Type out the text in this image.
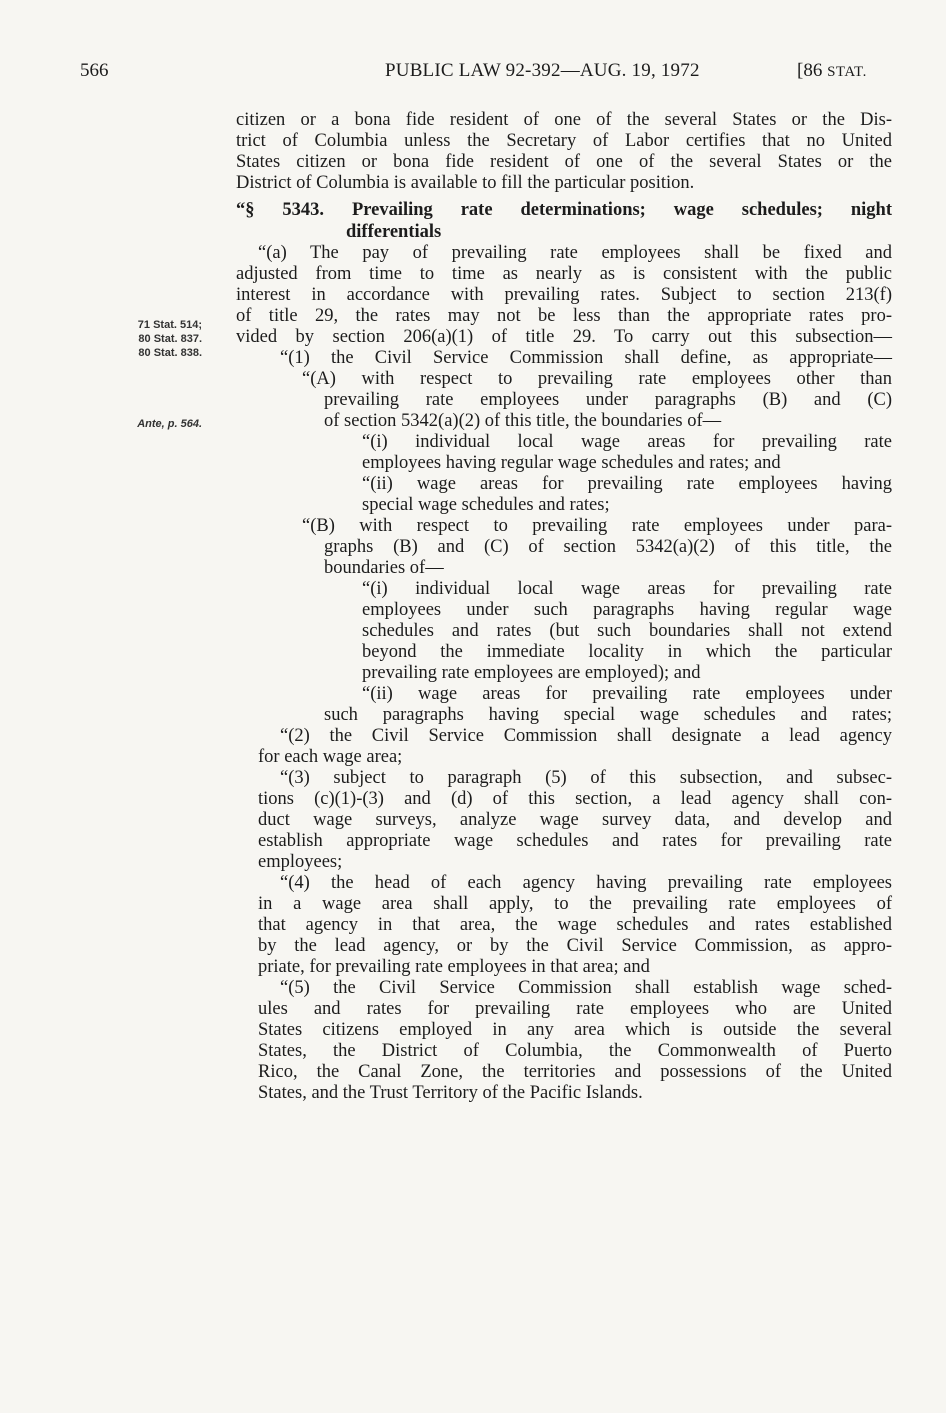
566	PUBLIC LAW 92-392—AUG. 19, 1972	[86 STAT.
71 Stat. 514;
80 Stat. 837.
80 Stat. 838.
Ante, p. 564.
citizen or a bona fide resident of one of the several States or the Dis-
trict of Columbia unless the Secretary of Labor certifies that no United
States citizen or bona fide resident of one of the several States or the
District of Columbia is available to fill the particular position.
“§ 5343. Prevailing rate determinations; wage schedules; night
differentials
“(a) The pay of prevailing rate employees shall be fixed and
adjusted from time to time as nearly as is consistent with the public
interest in accordance with prevailing rates. Subject to section 213(f)
of title 29, the rates may not be less than the appropriate rates pro-
vided by section 206(a)(1) of title 29. To carry out this subsection—
“(1) the Civil Service Commission shall define, as appropriate—
“(A) with respect to prevailing rate employees other than
prevailing rate employees under paragraphs (B) and (C)
of section 5342(a)(2) of this title, the boundaries of—
“(i) individual local wage areas for prevailing rate
employees having regular wage schedules and rates; and
“(ii) wage areas for prevailing rate employees having
special wage schedules and rates;
“(B) with respect to prevailing rate employees under para-
graphs (B) and (C) of section 5342(a)(2) of this title, the
boundaries of—
“(i) individual local wage areas for prevailing rate
employees under such paragraphs having regular wage
schedules and rates (but such boundaries shall not extend
beyond the immediate locality in which the particular
prevailing rate employees are employed); and
“(ii) wage areas for prevailing rate employees under
such paragraphs having special wage schedules and rates;
“(2) the Civil Service Commission shall designate a lead agency
for each wage area;
“(3) subject to paragraph (5) of this subsection, and subsec-
tions (c)(1)-(3) and (d) of this section, a lead agency shall con-
duct wage surveys, analyze wage survey data, and develop and
establish appropriate wage schedules and rates for prevailing rate
employees;
“(4) the head of each agency having prevailing rate employees
in a wage area shall apply, to the prevailing rate employees of
that agency in that area, the wage schedules and rates established
by the lead agency, or by the Civil Service Commission, as appro-
priate, for prevailing rate employees in that area; and
“(5) the Civil Service Commission shall establish wage sched-
ules and rates for prevailing rate employees who are United
States citizens employed in any area which is outside the several
States, the District of Columbia, the Commonwealth of Puerto
Rico, the Canal Zone, the territories and possessions of the United
States, and the Trust Territory of the Pacific Islands.
